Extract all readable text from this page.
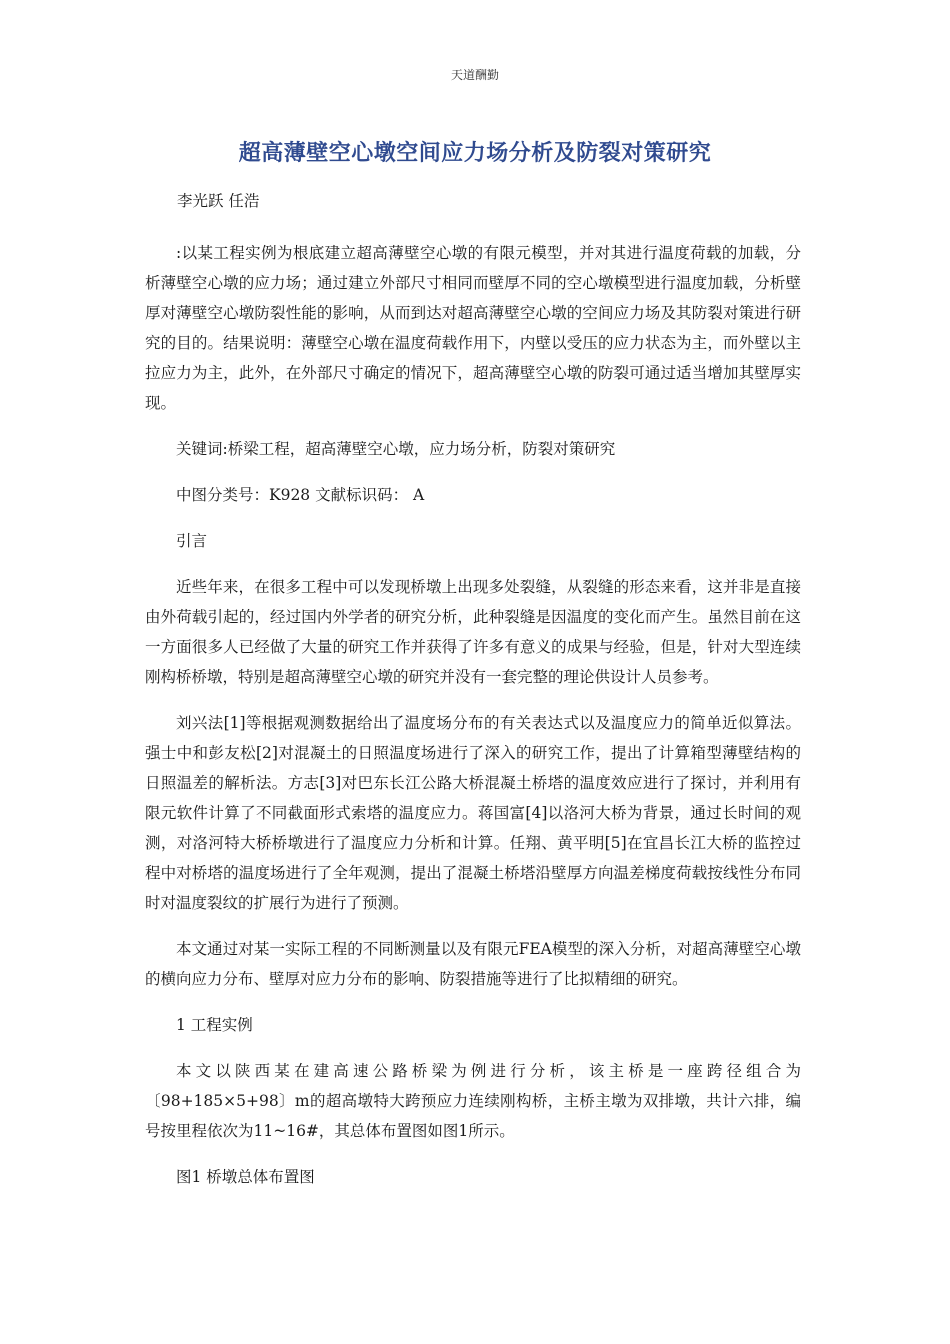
天道酬勤
超高薄壁空心墩空间应力场分析及防裂对策研究
李光跃 任浩

:以某工程实例为根底建立超高薄壁空心墩的有限元模型，并对其进行温度荷载的加载，分析薄壁空心墩的应力场；通过建立外部尺寸相同而壁厚不同的空心墩模型进行温度加载，分析壁厚对薄壁空心墩防裂性能的影响，从而到达对超高薄壁空心墩的空间应力场及其防裂对策进行研究的目的。结果说明：薄壁空心墩在温度荷载作用下，内壁以受压的应力状态为主，而外壁以主拉应力为主，此外，在外部尺寸确定的情况下，超高薄壁空心墩的防裂可通过适当增加其壁厚实现。

关键词:桥梁工程，超高薄壁空心墩，应力场分析，防裂对策研究

中图分类号：K928 文献标识码： A

引言

近些年来，在很多工程中可以发现桥墩上出现多处裂缝，从裂缝的形态来看，这并非是直接由外荷载引起的，经过国内外学者的研究分析，此种裂缝是因温度的变化而产生。虽然目前在这一方面很多人已经做了大量的研究工作并获得了许多有意义的成果与经验，但是，针对大型连续刚构桥桥墩，特别是超高薄壁空心墩的研究并没有一套完整的理论供设计人员参考。

刘兴法[1]等根据观测数据给出了温度场分布的有关表达式以及温度应力的简单近似算法。强士中和彭友松[2]对混凝土的日照温度场进行了深入的研究工作，提出了计算箱型薄壁结构的日照温差的解析法。方志[3]对巴东长江公路大桥混凝土桥塔的温度效应进行了探讨，并利用有限元软件计算了不同截面形式索塔的温度应力。蒋国富[4]以洛河大桥为背景，通过长时间的观测，对洛河特大桥桥墩进行了温度应力分析和计算。任翔、黄平明[5]在宜昌长江大桥的监控过程中对桥塔的温度场进行了全年观测，提出了混凝土桥塔沿壁厚方向温差梯度荷载按线性分布同时对温度裂纹的扩展行为进行了预测。

本文通过对某一实际工程的不同断测量以及有限元FEA模型的深入分析，对超高薄壁空心墩的横向应力分布、壁厚对应力分布的影响、防裂措施等进行了比拟精细的研究。

1 工程实例

本文以陕西某在建高速公路桥梁为例进行分析，该主桥是一座跨径组合为〔98+185×5+98〕m的超高墩特大跨预应力连续刚构桥，主桥主墩为双排墩，共计六排，编号按里程依次为11~16#，其总体布置图如图1所示。

图1 桥墩总体布置图
